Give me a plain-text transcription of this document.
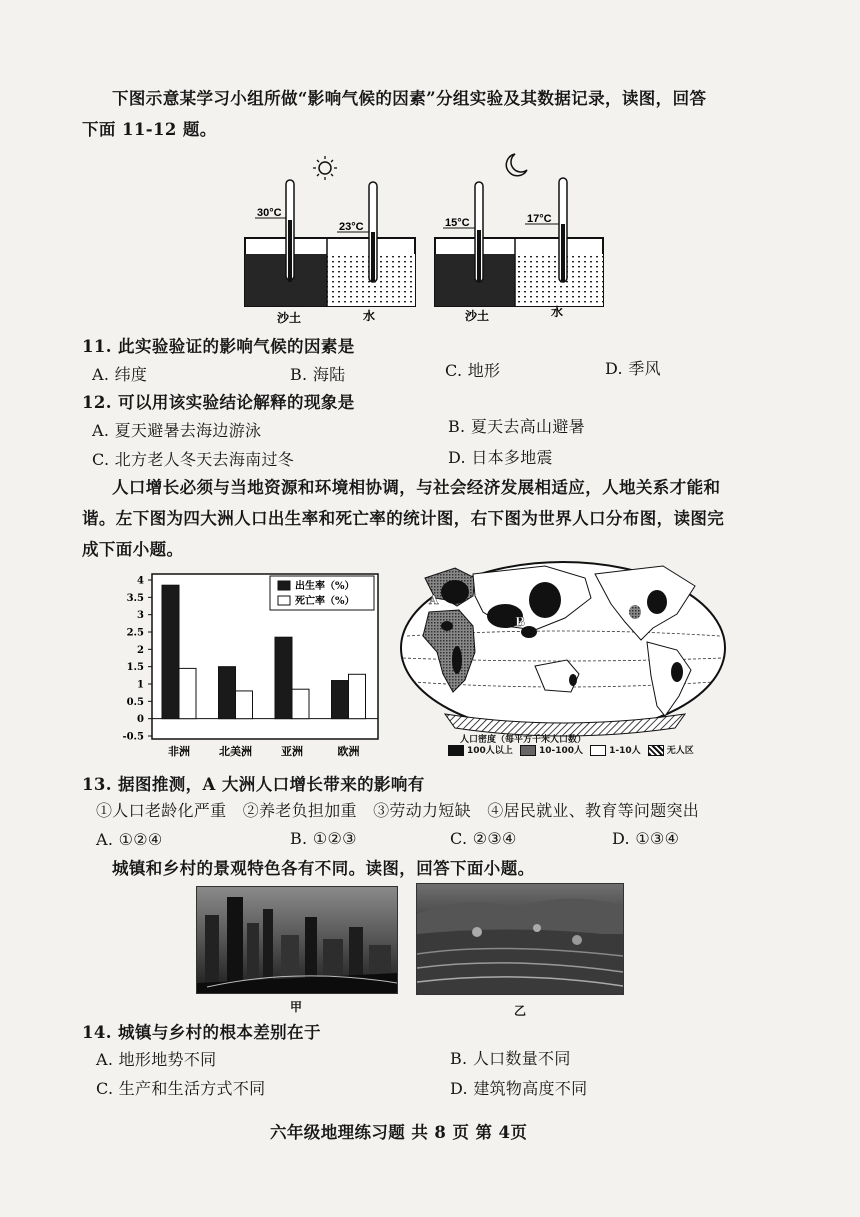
下图示意某学习小组所做“影响气候的因素”分组实验及其数据记录，读图，回答
下面 11-12 题。
30°C
23°C	15°C	17°C
沙土	水	沙土	水
11. 此实验验证的影响气候的因素是
A. 纬度	B. 海陆	C. 地形	D. 季风
12. 可以用该实验结论解释的现象是
A. 夏天避暑去海边游泳	B. 夏天去高山避暑
C. 北方老人冬天去海南过冬	D. 日本多地震
人口增长必须与当地资源和环境相协调，与社会经济发展相适应，人地关系才能和
谐。左下图为四大洲人口出生率和死亡率的统计图，右下图为世界人口分布图，读图完
成下面小题。
4
3.5
3
2.5
2
1.5
1
0.5
0
-0.5
非洲	北美洲	亚洲	欧洲
出生率（%）
死亡率（%）	A
B
人口密度（每平方千米人口数）
100人以上	10-100人	1-10人	无人区
13. 据图推测，A 大洲人口增长带来的影响有
①人口老龄化严重　②养老负担加重　③劳动力短缺　④居民就业、教育等问题突出
A. ①②④	B. ①②③	C. ②③④	D. ①③④
城镇和乡村的景观特色各有不同。读图，回答下面小题。
甲	乙
14. 城镇与乡村的根本差别在于
A. 地形地势不同	B. 人口数量不同
C. 生产和生活方式不同	D. 建筑物高度不同
六年级地理练习题 共 8 页 第 4页
